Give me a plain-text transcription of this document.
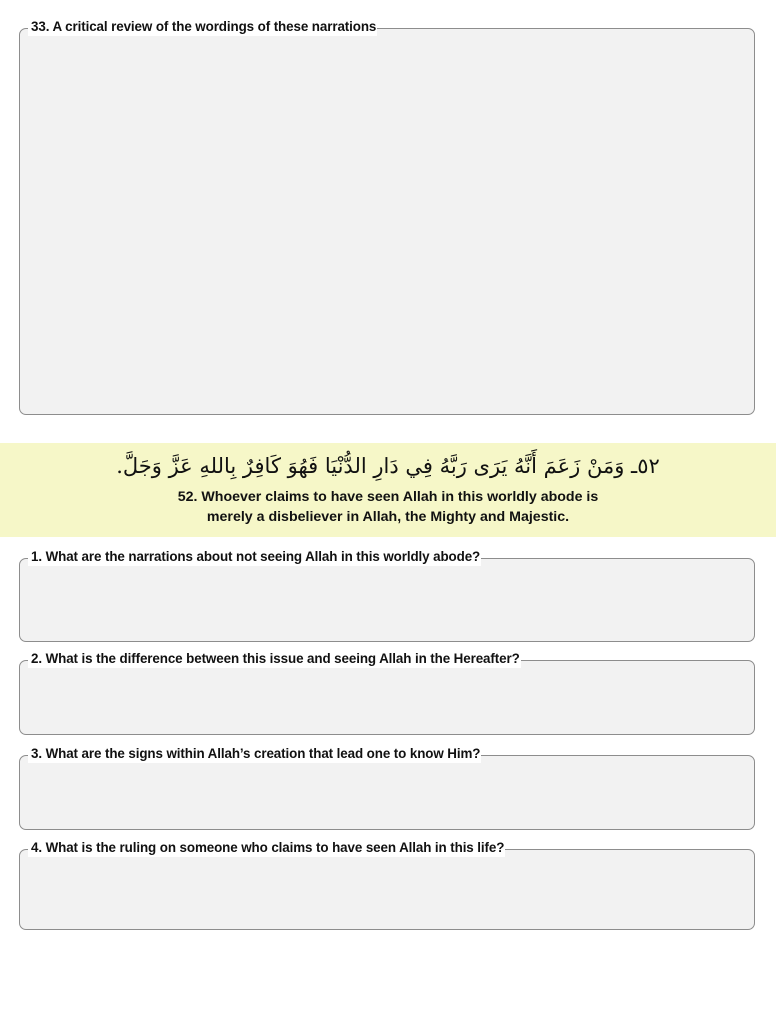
33. A critical review of the wordings of these narrations
٥٢ـ وَمَنْ زَعَمَ أَنَّهُ يَرَى رَبَّهُ فِي دَارِ الدُّنْيَا فَهُوَ كَافِرٌ بِاللهِ عَزَّ وَجَلَّ.
52. Whoever claims to have seen Allah in this worldly abode is
merely a disbeliever in Allah, the Mighty and Majestic.
1. What are the narrations about not seeing Allah in this worldly abode?
2. What is the difference between this issue and seeing Allah in the Hereafter?
3. What are the signs within Allah’s creation that lead one to know Him?
4. What is the ruling on someone who claims to have seen Allah in this life?
